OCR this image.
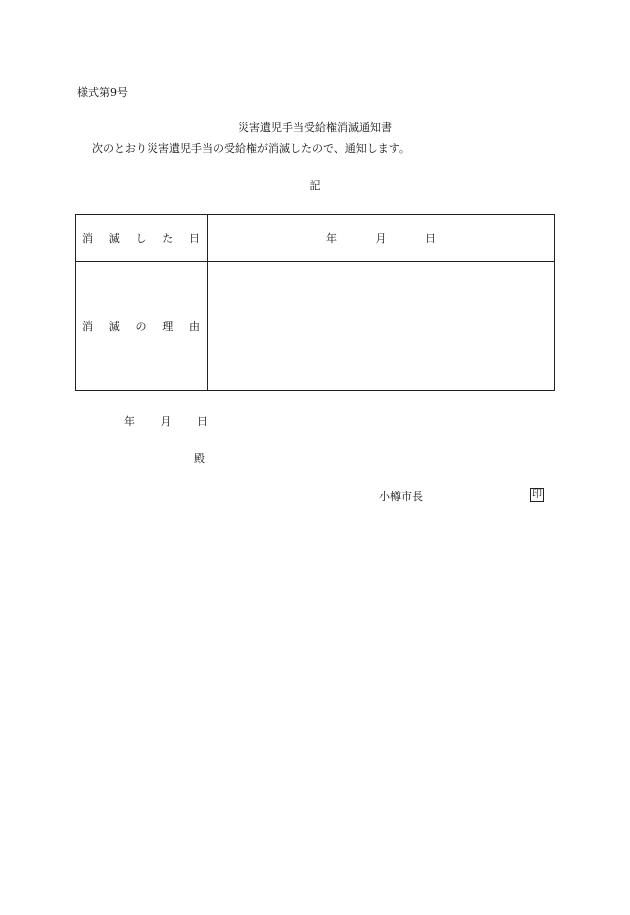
様式第9号
災害遺児手当受給権消滅通知書
次のとおり災害遺児手当の受給権が消滅したので、通知します。
記
消滅した日	年月日
消滅の理由
年月日
殿
小樽市長	印
